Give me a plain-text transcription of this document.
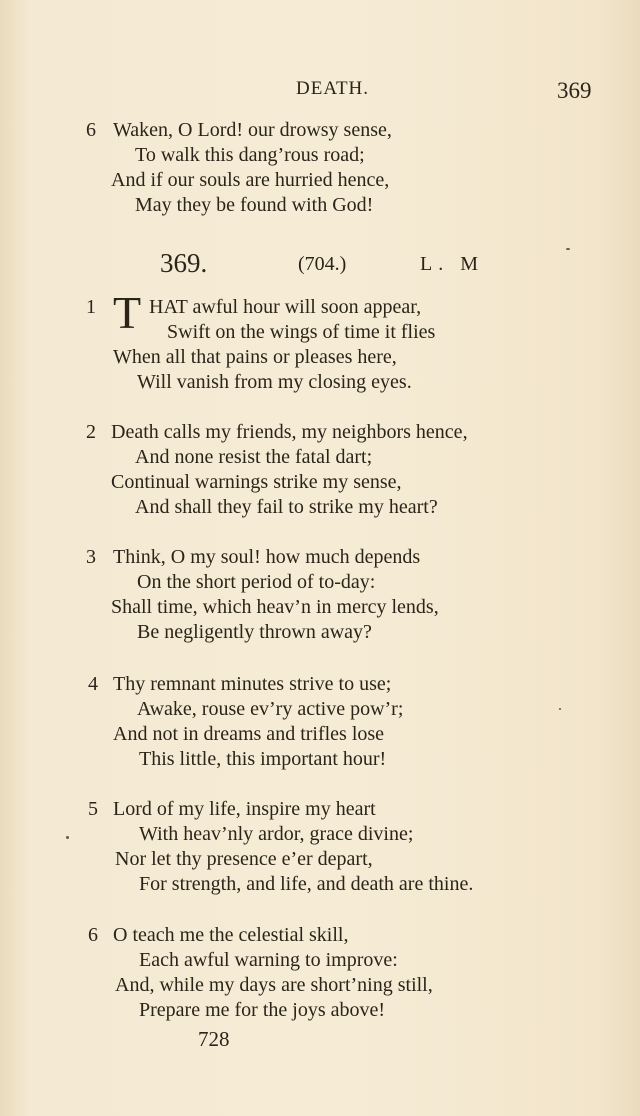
DEATH.	369
6 Waken, O Lord! our drowsy sense,
To walk this dang’rous road;
And if our souls are hurried hence,
May they be found with God!
369.	(704.)	L. M
1 T HAT awful hour will soon appear,
Swift on the wings of time it flies
When all that pains or pleases here,
Will vanish from my closing eyes.
2 Death calls my friends, my neighbors hence,
And none resist the fatal dart;
Continual warnings strike my sense,
And shall they fail to strike my heart?
3 Think, O my soul! how much depends
On the short period of to-day:
Shall time, which heav’n in mercy lends,
Be negligently thrown away?
4 Thy remnant minutes strive to use;
Awake, rouse ev’ry active pow’r;
And not in dreams and trifles lose
This little, this important hour!
5 Lord of my life, inspire my heart
With heav’nly ardor, grace divine;
Nor let thy presence e’er depart,
For strength, and life, and death are thine.
6 O teach me the celestial skill,
Each awful warning to improve:
And, while my days are short’ning still,
Prepare me for the joys above!
728
